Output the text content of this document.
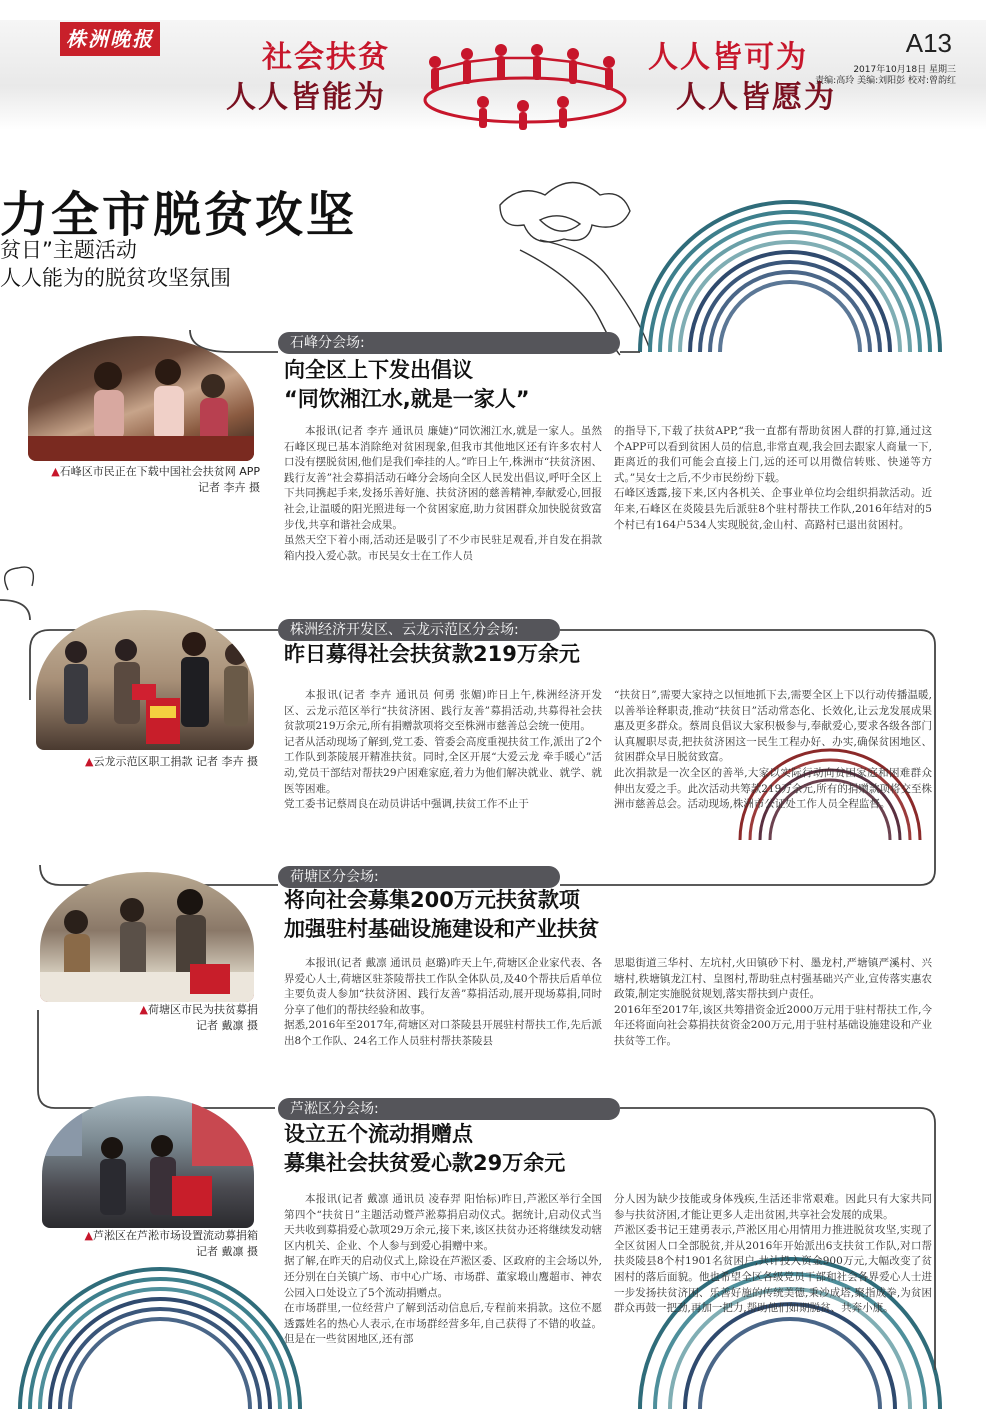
株洲晚报
社会扶贫
人人皆能为
人人皆可为
人人皆愿为
A13
2017年10月18日 星期三
责编:高玲 美编:刘阳彭 校对:曾韵红
力全市脱贫攻坚
贫日”主题活动
人人能为的脱贫攻坚氛围
▲石峰区市民正在下载中国社会扶贫网 APP
记者 李卉 摄
石峰分会场:
向全区上下发出倡议
“同饮湘江水,就是一家人”

本报讯(记者 李卉 通讯员 廉婕)“同饮湘江水,就是一家人。虽然石峰区现已基本消除绝对贫困现象,但我市其他地区还有许多农村人口没有摆脱贫困,他们是我们牵挂的人。”昨日上午,株洲市“扶贫济困、践行友善”社会募捐活动石峰分会场向全区人民发出倡议,呼吁全区上下共同携起手来,发扬乐善好施、扶贫济困的慈善精神,奉献爱心,回报社会,让温暖的阳光照进每一个贫困家庭,助力贫困群众加快脱贫致富步伐,共享和谐社会成果。
虽然天空下着小雨,活动还是吸引了不少市民驻足观看,并自发在捐款箱内投入爱心款。市民吴女士在工作人员

的指导下,下载了扶贫APP,“我一直都有帮助贫困人群的打算,通过这个APP可以看到贫困人员的信息,非常直观,我会回去跟家人商量一下,距离近的我们可能会直接上门,远的还可以用微信转账、快递等方式。”吴女士之后,不少市民纷纷下载。
石峰区透露,接下来,区内各机关、企事业单位均会组织捐款活动。近年来,石峰区在炎陵县先后派驻8个驻村帮扶工作队,2016年结对的5个村已有164户534人实现脱贫,金山村、高路村已退出贫困村。

▲云龙示范区职工捐款 记者 李卉 摄
株洲经济开发区、云龙示范区分会场:
昨日募得社会扶贫款219万余元

本报讯(记者 李卉 通讯员 何勇 张媚)昨日上午,株洲经济开发区、云龙示范区举行“扶贫济困、践行友善”募捐活动,共募得社会扶贫款项219万余元,所有捐赠款项将交至株洲市慈善总会统一使用。
记者从活动现场了解到,党工委、管委会高度重视扶贫工作,派出了2个工作队到茶陵展开精准扶贫。同时,全区开展“大爱云龙 牵手暖心”活动,党员干部结对帮扶29户困难家庭,着力为他们解决就业、就学、就医等困难。
党工委书记蔡周良在动员讲话中强调,扶贫工作不止于

“扶贫日”,需要大家持之以恒地抓下去,需要全区上下以行动传播温暖,以善举诠释职责,推动“扶贫日”活动常态化、长效化,让云龙发展成果惠及更多群众。蔡周良倡议大家积极参与,奉献爱心,要求各级各部门认真履职尽责,把扶贫济困这一民生工程办好、办实,确保贫困地区、贫困群众早日脱贫致富。
此次捐款是一次全区的善举,大家以实际行动向贫困家庭和困难群众伸出友爱之手。此次活动共筹款219万余元,所有的捐赠款项将交至株洲市慈善总会。活动现场,株洲市公证处工作人员全程监督。

▲荷塘区市民为扶贫募捐
记者 戴凛 摄
荷塘区分会场:
将向社会募集200万元扶贫款项
加强驻村基础设施建设和产业扶贫

本报讯(记者 戴凛 通讯员 赵璐)昨天上午,荷塘区企业家代表、各界爱心人士,荷塘区驻茶陵帮扶工作队全体队员,及40个帮扶后盾单位主要负责人参加“扶贫济困、践行友善”募捐活动,展开现场募捐,同时分享了他们的帮扶经验和故事。
据悉,2016年至2017年,荷塘区对口茶陵县开展驻村帮扶工作,先后派出8个工作队、24名工作人员驻村帮扶茶陵县

思聪街道三华村、左坑村,火田镇砂下村、墨龙村,严塘镇严溪村、兴塘村,秩塘镇龙江村、皇图村,帮助驻点村强基础兴产业,宣传落实惠农政策,制定实施脱贫规划,落实帮扶到户责任。
2016年至2017年,该区共筹措资金近2000万元用于驻村帮扶工作,今年还将面向社会募捐扶贫资金200万元,用于驻村基础设施建设和产业扶贫等工作。

▲芦淞区在芦淞市场设置流动募捐箱
记者 戴凛 摄
芦淞区分会场:
设立五个流动捐赠点
募集社会扶贫爱心款29万余元

本报讯(记者 戴凛 通讯员 凌春羿 阳怡标)昨日,芦淞区举行全国第四个“扶贫日”主题活动暨芦淞募捐启动仪式。据统计,启动仪式当天共收到募捐爱心款项29万余元,接下来,该区扶贫办还将继续发动辖区内机关、企业、个人参与到爱心捐赠中来。
据了解,在昨天的启动仪式上,除设在芦淞区委、区政府的主会场以外,还分别在白关镇广场、市中心广场、市场群、董家塅山鹰超市、神农公园入口处设立了5个流动捐赠点。
在市场群里,一位经营户了解到活动信息后,专程前来捐款。这位不愿透露姓名的热心人表示,在市场群经营多年,自己获得了不错的收益。但是在一些贫困地区,还有部

分人因为缺少技能或身体残疾,生活还非常艰难。因此只有大家共同参与扶贫济困,才能让更多人走出贫困,共享社会发展的成果。
芦淞区委书记王建勇表示,芦淞区用心用情用力推进脱贫攻坚,实现了全区贫困人口全部脱贫,并从2016年开始派出6支扶贫工作队,对口帮扶炎陵县8个村1901名贫困户,共计投入资金900万元,大幅改变了贫困村的落后面貌。他也希望全区各级党员干部和社会各界爱心人士进一步发扬扶贫济困、乐善好施的传统美德,秉沙成塔,聚指成拳,为贫困群众再鼓一把劲,再加一把力,帮助他们如期脱贫、共奔小康。
